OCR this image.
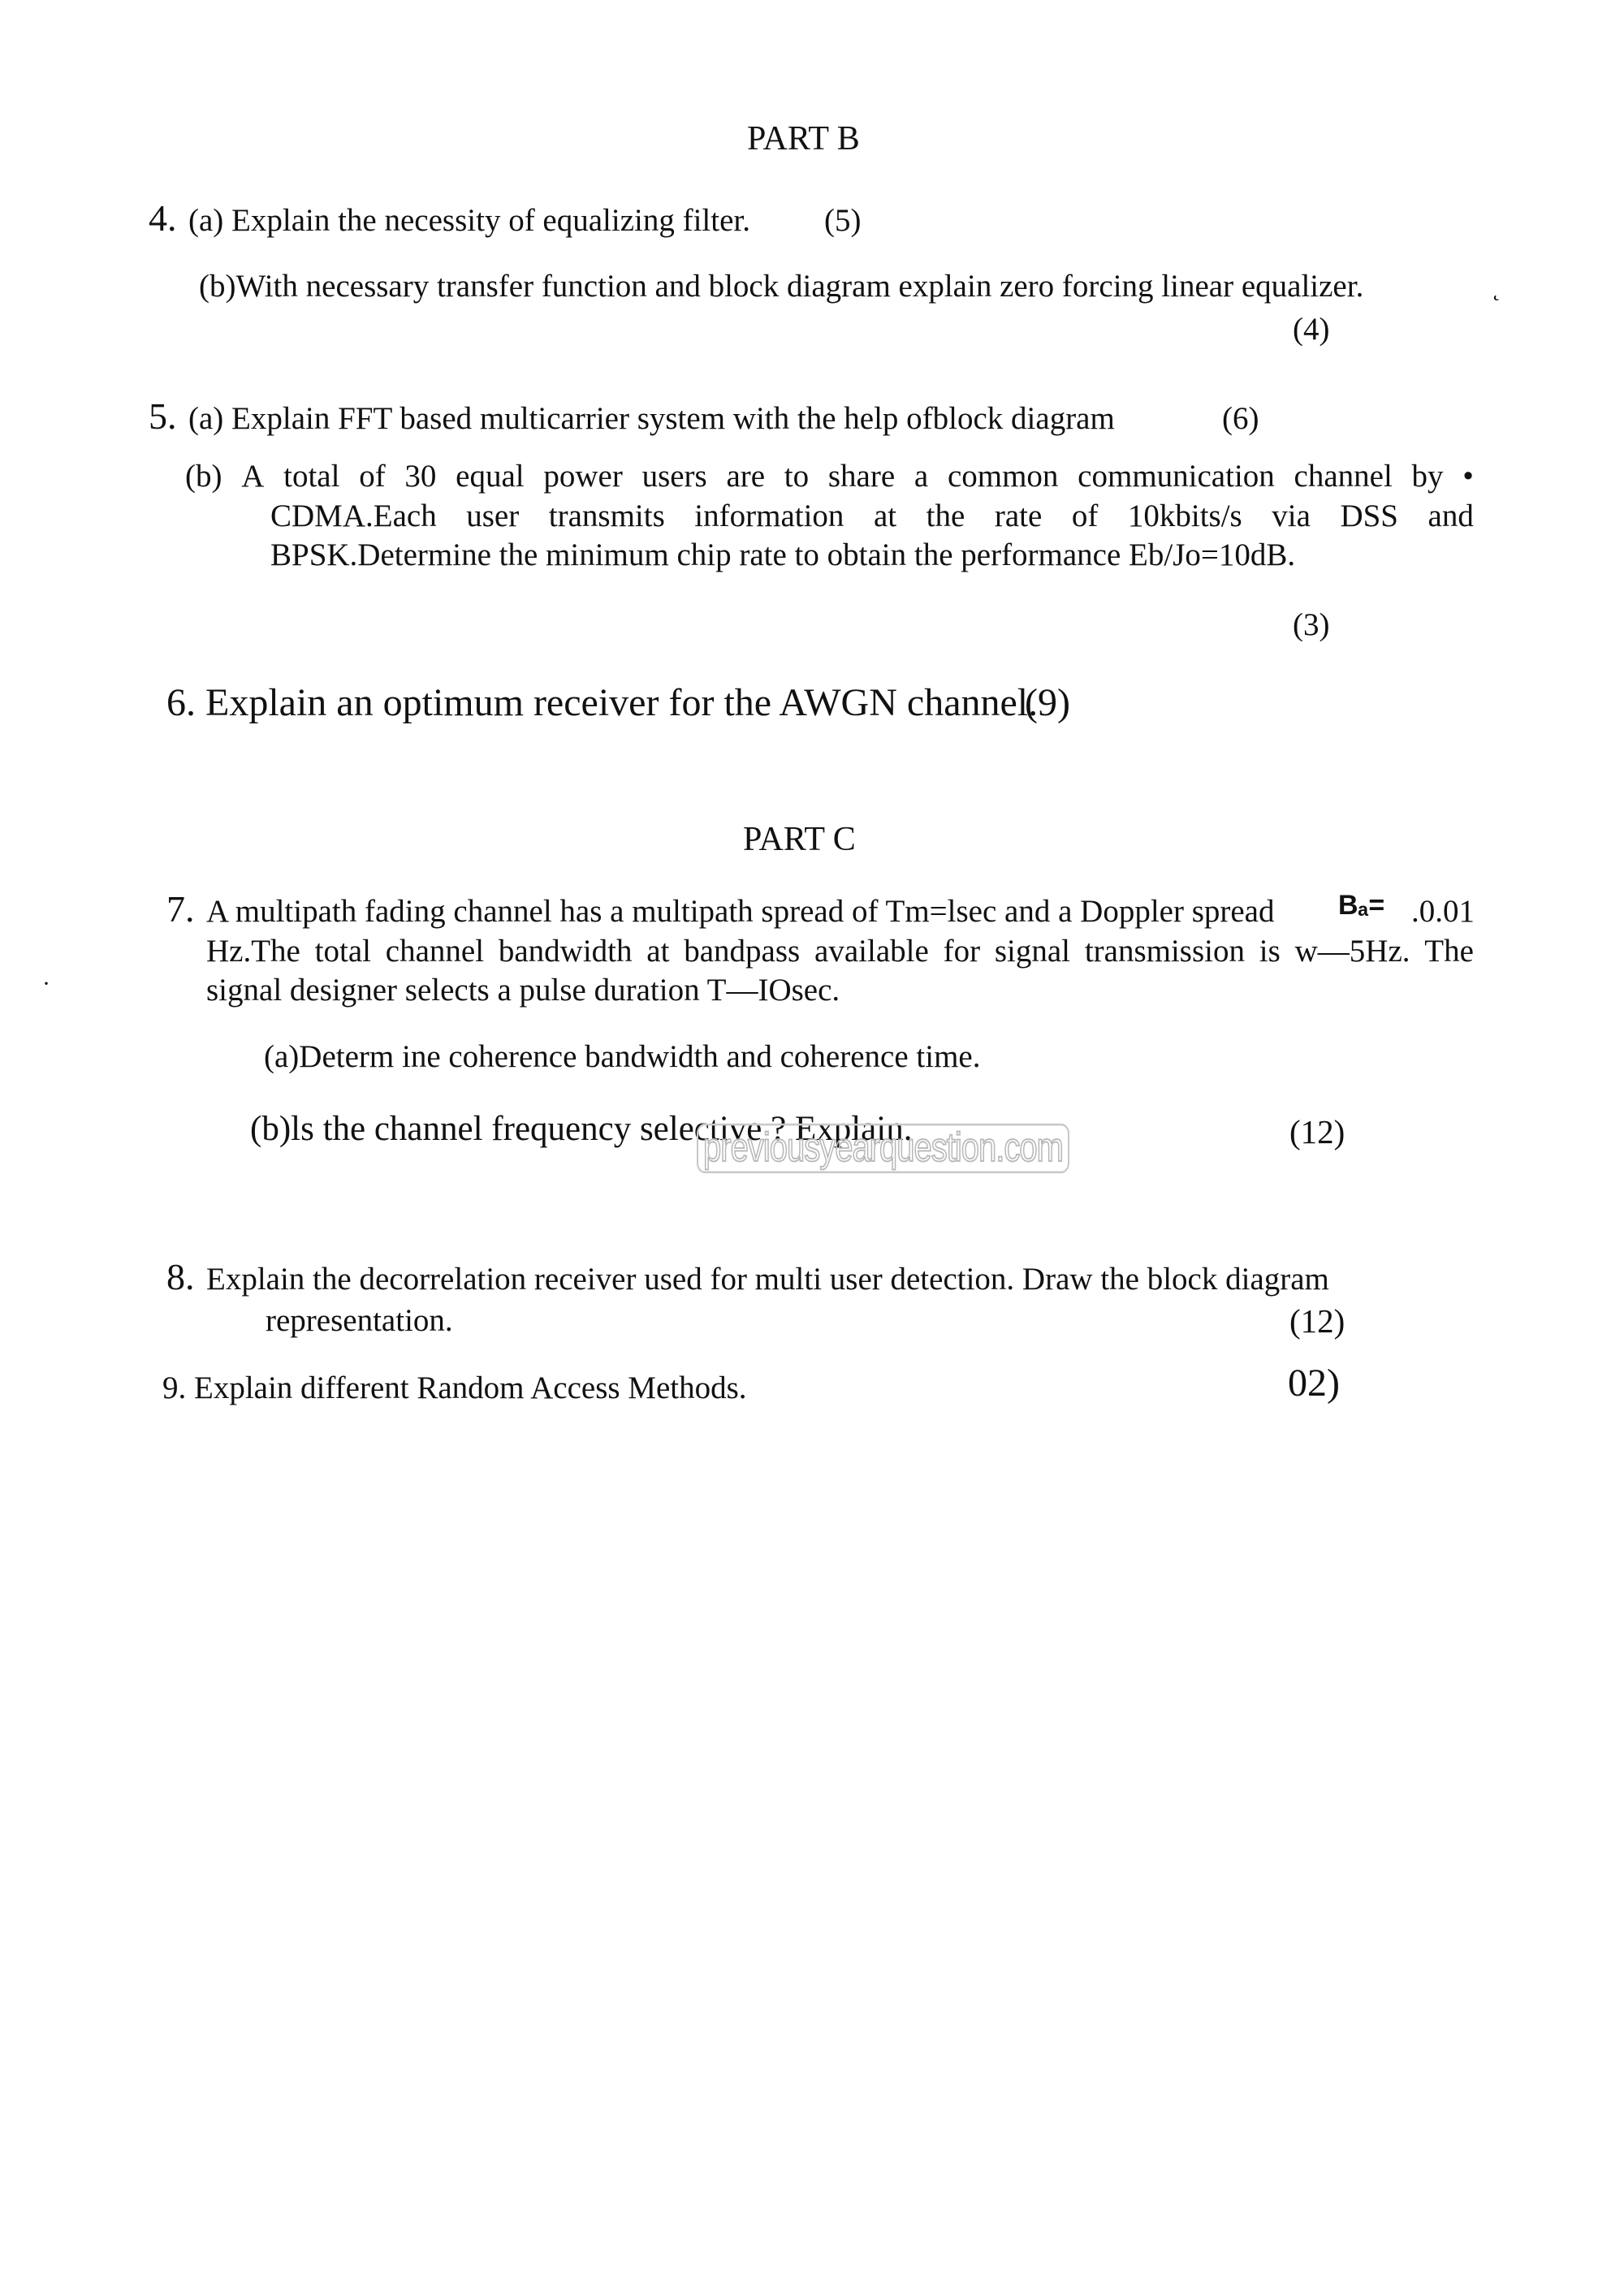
PART B
4. (a) Explain the necessity of equalizing filter. (5)
(b)With necessary transfer function and block diagram explain zero forcing linear equalizer.	˛
(4)
5. (a) Explain FFT based multicarrier system with the help ofblock diagram	(6)
(b) A total of 30 equal power users are to share a common communication channel by •
CDMA.Each user transmits information at the rate of 10kbits/s via DSS and
BPSK.Determine the minimum chip rate to obtain the performance Eb/Jo=10dB.
(3)
6. Explain an optimum receiver for the AWGN channel.
(9)
PART C
7. A multipath fading channel has a multipath spread of Tm=lsec and a Doppler spread Bₐ= .0.01
·
Hz.The total channel bandwidth at bandpass available for signal transmission is w—5Hz. The
signal designer selects a pulse duration T—IOsec.
(a)Determ ine coherence bandwidth and coherence time.
(b)ls the channel frequency selective ? Explain.
previousyearquestion.com	(12)
8. Explain the decorrelation receiver used for multi user detection. Draw the block diagram
representation.	(12)
9. Explain different Random Access Methods.	02)
